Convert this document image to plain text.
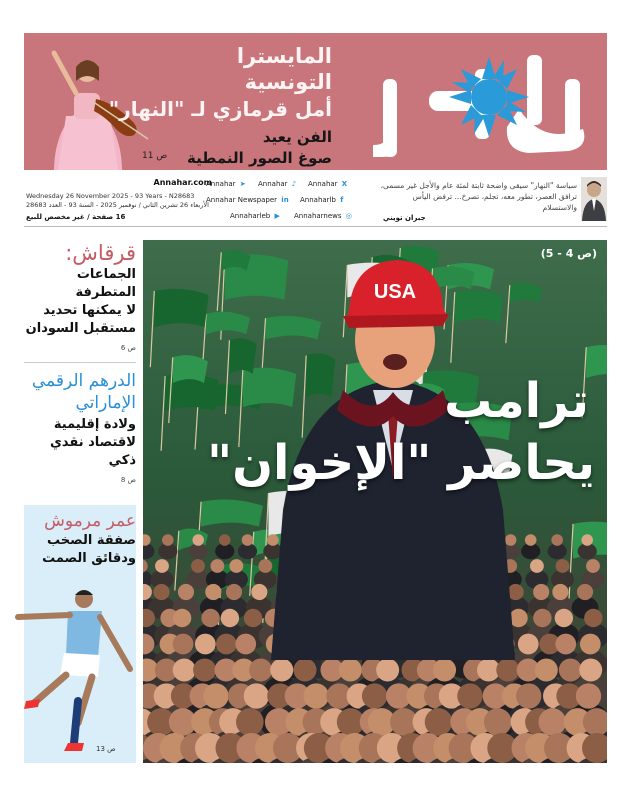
المايسترا التونسية
أمل قرمازي لـ "النهار"
الفن يعيد
صوغ الصور النمطية
ص 11
Annahar.com
Wednesday 26 November 2025 - 93 Years - N28683
الأربعاء 26 تشرين الثاني / نوفمبر 2025 - السنة 93 - العدد 28683
16 صفحة / غير مخصص للبيع
Annahar X
Annahar ♪
Annahar ➤
Annaharlb f
Annahar Newspaper in
Annaharnews ◎
Annaharleb ▶
سياسة "النهار" سيقى واضحة ثابتة لمئة عام والأجل غير مسمى، ترافق العصر، تطور معه، تجلم، تصرخ... ترفض اليأس والاستسلام
جبران تويني
قرقاش:
الجماعات المتطرفة
لا يمكنها تحديد
مستقبل السودان
ص 6
الدرهم الرقمي الإماراتي
ولادة إقليمية
لاقتصاد نقدي ذكي
ص 8
عمر مرموش
صفقة الصخب
ودقائق الصمت
ص 13
USA
(ص 4 - 5)
ترامب
يحاصر "الإخوان"
